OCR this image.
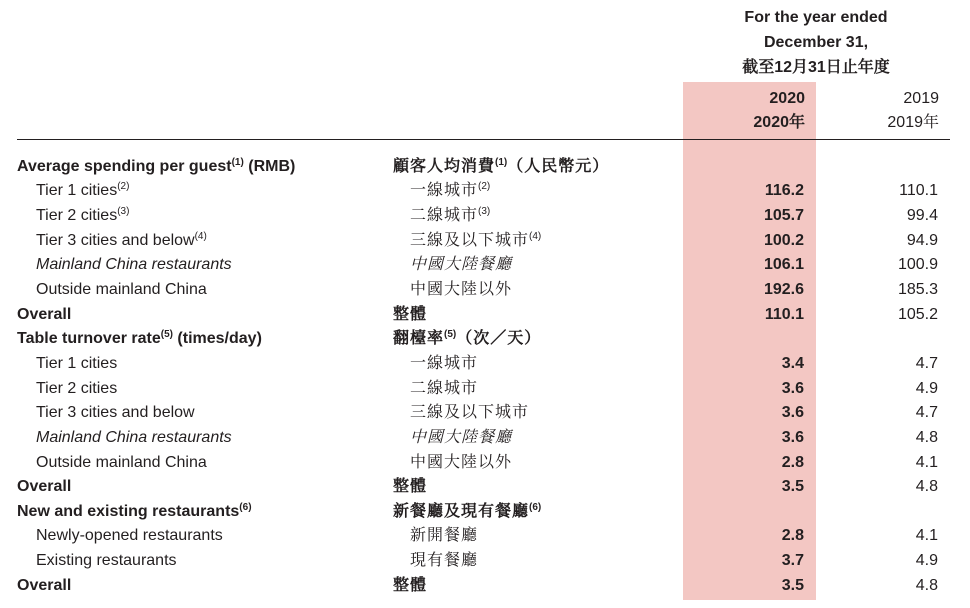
For the year ended
December 31,
截至12月31日止年度
2020
2020年
2019
2019年
Average spending per guest$^{(1)}$ (RMB)	顧客人均消費$^{(1)}$（人民幣元）
Tier 1 cities$^{(2)}$	一線城市$^{(2)}$	116.2	110.1
Tier 2 cities$^{(3)}$	二線城市$^{(3)}$	105.7	99.4
Tier 3 cities and below$^{(4)}$	三線及以下城市$^{(4)}$	100.2	94.9
Mainland China restaurants	中國大陸餐廳	106.1	100.9
Outside mainland China	中國大陸以外	192.6	185.3
Overall	整體	110.1	105.2
Table turnover rate$^{(5)}$ (times/day)	翻檯率$^{(5)}$（次／天）
Tier 1 cities	一線城市	3.4	4.7
Tier 2 cities	二線城市	3.6	4.9
Tier 3 cities and below	三線及以下城市	3.6	4.7
Mainland China restaurants	中國大陸餐廳	3.6	4.8
Outside mainland China	中國大陸以外	2.8	4.1
Overall	整體	3.5	4.8
New and existing restaurants$^{(6)}$	新餐廳及現有餐廳$^{(6)}$
Newly-opened restaurants	新開餐廳	2.8	4.1
Existing restaurants	現有餐廳	3.7	4.9
Overall	整體	3.5	4.8
